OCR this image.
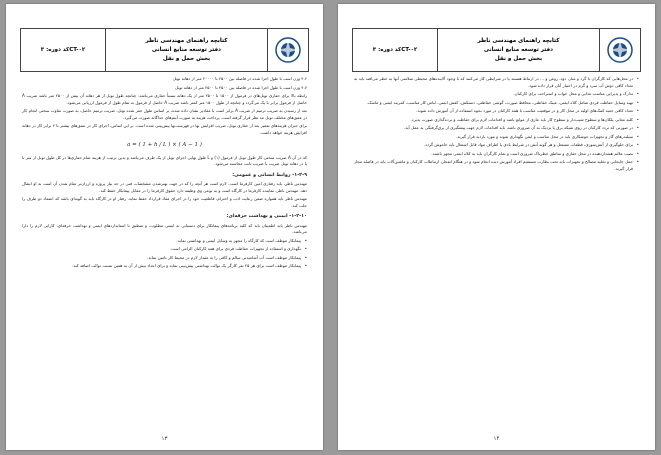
کد دوره: ۳CT-۰۲
کتابچه راهنمای مهندسی ناظر
دفتر توسعه منابع انسانی
بخش حمل و نقل

۴.۶ وزن است با طول اجزا شده در فاصله بین ۲۵۰۰ تا ۲۰۰۰۰ متر از دهانه تونل

۴.۷ وزن است با طول اجزا شده در فاصله بین ۴۵۰۰ تا ۲۵۰۰ متر از دهانه تونل

رابطه بالا برای حفاری تونل‌های در فرمول از ۱۵۰۰ تا ۲۵۰۰ متر از یک دهانه نسبتاً حفاری می‌باشد. چنانچه طول تونل از هر دهانه آن بیش از ۲۵۰۰ متر باشد ضریب A حاصل از فرمول برابر با یک می‌گردد و چنانچه از طول ۱۵۰۰ متر کمتر باشد ضریب A حاصل از فرمول به تمام طول از فرمول ارزیابی می‌شود.

بعد از رسیدن به ضریب ترمیم از ضریب A برابر است با مقادیر نشان داده شده، بر اساس طول حفر شده تونل، ضریب ترمیم حاصل، به صورت تفاوت سختی انجام کار در عمق‌های مختلف تونل مد نظر قرار گرفته است. پرداخت هزینه به صورت آیتم‌های جداگانه صورت می‌گیرد.

برای جبران هزینه‌های تعمیر بعد از حفاری تونل، ضریب افزایش بها در فهرست‌بها پیش‌بینی شده است. بر این اساس، اجرای کار در عمق‌های بیشتر تا ۴ برابر کار در دهانه افزایش هزینه خواهد داشت.

a = ( 1 + h / L ) × ( A − 1 )

که در آن A ضریب سختی کار طول تونل از فرمول (۱) و L طول نهایی اجزای تونل از یک طرف می‌باشد و بدین ترتیب از هزینه تمام حفاری‌ها در کل طول تونل از سر تا پا در دهانه تونل ضریب با ضریب ثابت محاسبه می‌شود.

۱-۲-۹- روابط انسانی و عمومی:

مهندس ناظر، باید رفتاری امین کارفرما است. لازم است هر آنچه را که در جهت بهترشدن مشخصات فنی در حد نیاز پروژه و ارزان‌تر تمام شدن آن است به او انتقال دهد. مهندس ناظر، نماینده کارفرما در کارگاه است و به نوعی وی وظیفه دارد حقوق کارفرما را در مقابل پیمانکار حفظ کند.

مهندس ناظر باید همواره ضمن رعایت ادب و احترام، قاطعیت خود را در اجرای مفاد قرارداد حفظ نماید. رفتار او در کارگاه باید به گونه‌ای باشد که اعتماد دو طرف را جلب کند.

۱-۲-۱۰- ایمنی و بهداشت حرفه‌ای:

مهندس ناظر باید اطمینان یابد که کلیه برنامه‌های پیمانکار برای دستیابی به ایمنی مطلوب، و منطبق با استانداردهای ایمنی و بهداشت حرفه‌ای، کارایی لازم را دارا می‌باشد.

• پیمانکار موظف است که کارگاه را مجهز به وسایل ایمنی و بهداشتی نماید.

• نگهداری و استفاده از تجهیزات حفاظت فردی برای همه کارکنان الزامی است.

• پیمانکار موظف است آب آشامیدنی سالم و کافی را به مقدار لازم در محیط کار تامین نماید.

• پیمانکار موظف است برای هر ۲۵ نفر کارگر یک توالت بهداشتی پیش‌بینی نماید و برای اعداد بیش از آن به همین نسبت توالت اضافه کند.

۱۳
کد دوره: ۳CT-۰۲
کتابچه راهنمای مهندسی ناظر
دفتر توسعه منابع انسانی
بخش حمل و نقل

• در محل‌هایی که کارگران با گرد و غبار، دود، روغن و ... در ارتباط هستند یا در شرایطی کار می‌کنند که با وجود آلاینده‌های محیطی سلامتی آنها به خطر می‌افتد باید به تعداد کافی دوش آب سرد و گرم در اختیار آنان قرار داده شود.

• تدارک و پذیرایی مناسب غذایی و محل خواب و استراحت برای کارکنان.

• تهیه وسایل حفاظت فردی شامل کلاه ایمنی، عینک حفاظتی، محافظ صورت، گوشی حفاظتی، دستکش، کفش ایمنی، لباس کار مناسب، کمربند ایمنی و ماسک.

• تعداد کافی جعبه کمک‌های اولیه در محل کار و در موقعیت مناسب با همه کارکنان در مورد نحوه استفاده از آن آموزش داده شوند.

• کلیه معابر، پلکان‌ها و سطوح شیب‌دار و سطوح کار باید عاری از موانع باشد و اقدامات لازم برای حفاظت و نرده‌گذاری صورت پذیرد.

• در صورتی که تردد کارکنان در روی شبکه برق یا نزدیک به آن ضروری باشد، باید اقدامات لازم جهت پیشگیری از برق‌گرفتگی به عمل آید.

• سیلندرهای گاز و تجهیزات جوشکاری باید در محل مناسب و ایمن نگهداری شوند و مورد بازدید قرار گیرند.

• برای جلوگیری از آتش‌سوزی، قطعات مشتعل و هر گونه آتش در شرایط بادی یا اطراف مواد قابل اشتعال باید خاموش گردد.

• نصب علائم هشداردهنده در محل حفاری و مناطق خطرناک ضروری است و تمام کارگران باید به کلاه ایمنی مجهز باشند.

• حمل جابجایی و تخلیه مصالح و تجهیزات باید تحت نظارت مستقیم افراد آموزش دیده انجام شود و در هنگام انفجار، ارتباطات کارکنان و ماشین‌آلات باید در فاصله مجاز قرار گیرند.

۱۴
